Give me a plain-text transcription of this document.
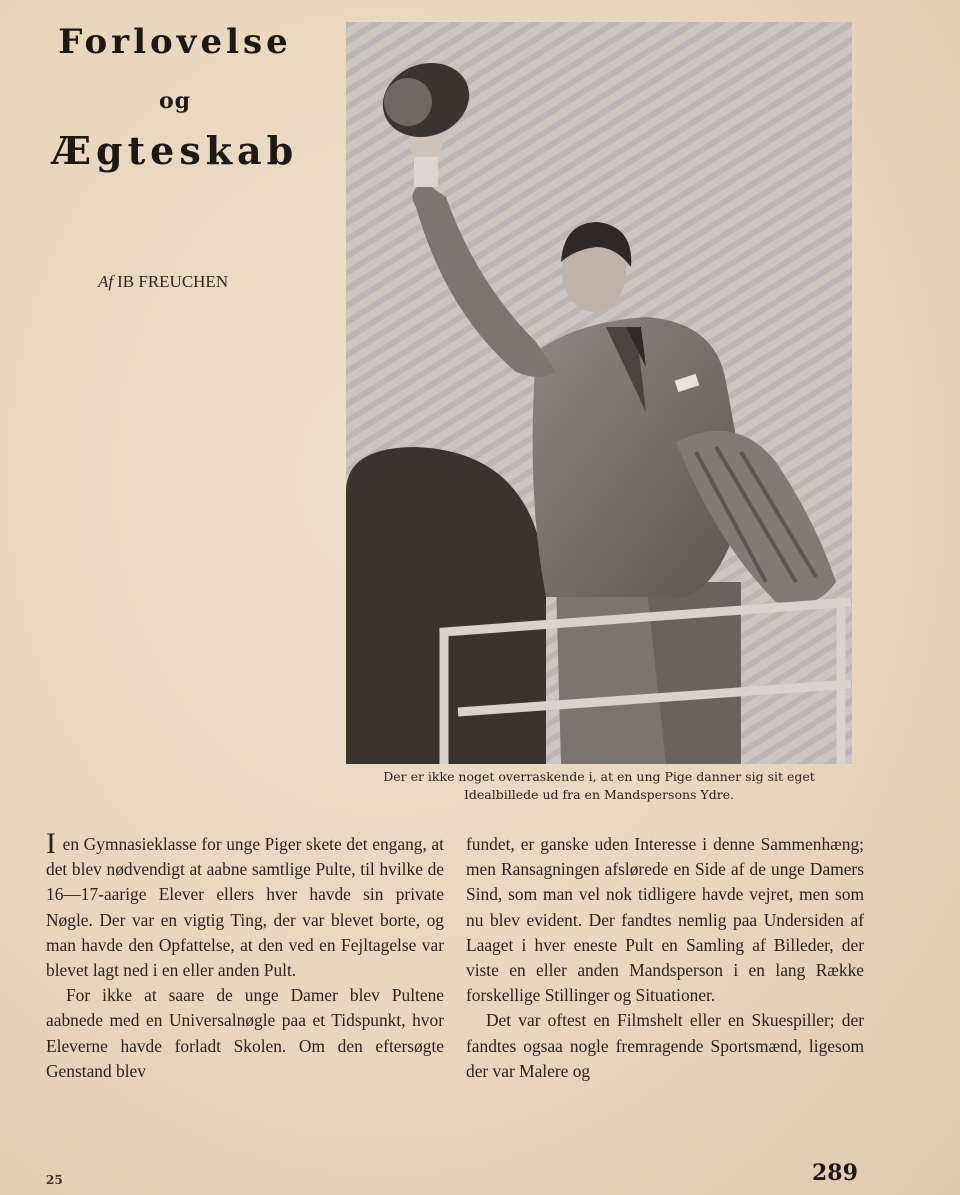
Forlovelse
og
Ægteskab
Af IB FREUCHEN
Der er ikke noget overraskende i, at en ung Pige danner sig sit eget
Idealbillede ud fra en Mandspersons Ydre.

I en Gymnasieklasse for unge Piger skete det engang, at det blev nødvendigt at aabne samtlige Pulte, til hvilke de 16—17-aarige Elever ellers hver havde sin private Nøgle. Der var en vigtig Ting, der var blevet borte, og man havde den Opfattelse, at den ved en Fejltagelse var blevet lagt ned i en eller anden Pult.

For ikke at saare de unge Damer blev Pultene aabnede med en Universalnøgle paa et Tidspunkt, hvor Eleverne havde forladt Skolen. Om den eftersøgte Genstand blev

fundet, er ganske uden Interesse i denne Sammenhæng; men Ransagningen afslørede en Side af de unge Damers Sind, som man vel nok tidligere havde vejret, men som nu blev evident. Der fandtes nemlig paa Undersiden af Laaget i hver eneste Pult en Samling af Billeder, der viste en eller anden Mandsperson i en lang Række forskellige Stillinger og Situationer.

Det var oftest en Filmshelt eller en Skuespiller; der fandtes ogsaa nogle fremragende Sportsmænd, ligesom der var Malere og

25	289
